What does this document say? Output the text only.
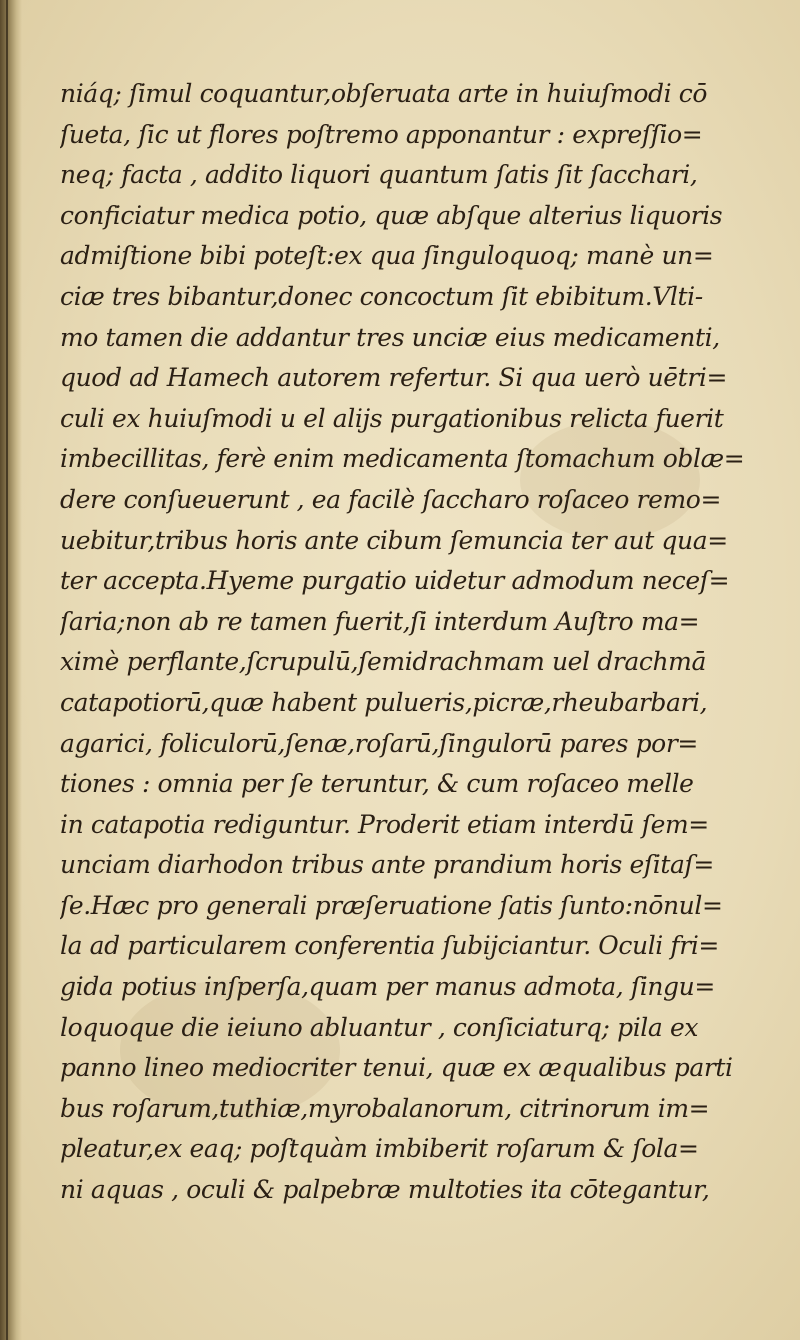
niáq; ſimul coquantur,obſeruata arte in huiuſmodi cō
ſueta, ſic ut flores poſtremo apponantur : expreſſio=
neq; facta , addito liquori quantum ſatis ſit ſacchari,
conficiatur medica potio, quæ abſque alterius liquoris
admiſtione bibi poteſt:ex qua ſinguloquoq; manè un=
ciæ tres bibantur,donec concoctum ſit ebibitum.Vlti-
mo tamen die addantur tres unciæ eius medicamenti,
quod ad Hamech autorem refertur. Si qua uerò uētri=
culi ex huiuſmodi u el alijs purgationibus relicta fuerit
imbecillitas, ferè enim medicamenta ſtomachum oblæ=
dere conſueuerunt , ea facilè ſaccharo roſaceo remo=
uebitur,tribus horis ante cibum ſemuncia ter aut qua=
ter accepta.Hyeme purgatio uidetur admodum neceſ=
ſaria;non ab re tamen fuerit,ſi interdum Auſtro ma=
ximè perflante,ſcrupulū,ſemidrachmam uel drachmā
catapotiorū,quæ habent pulueris,picræ,rheubarbari,
agarici, foliculorū,ſenæ,roſarū,ſingulorū pares por=
tiones : omnia per ſe teruntur, & cum roſaceo melle
in catapotia rediguntur. Proderit etiam interdū ſem=
unciam diarhodon tribus ante prandium horis eſitaſ=
ſe.Hæc pro generali præſeruatione ſatis ſunto:nōnul=
la ad particularem conferentia ſubijciantur. Oculi fri=
gida potius inſperſa,quam per manus admota, ſingu=
loquoque die ieiuno abluantur , conſiciaturq; pila ex
panno lineo mediocriter tenui, quæ ex æqualibus parti
bus roſarum,tuthiæ,myrobalanorum, citrinorum im=
pleatur,ex eaq; poſtquàm imbiberit roſarum & ſola=
ni aquas , oculi & palpebræ multoties ita cōtegantur,
